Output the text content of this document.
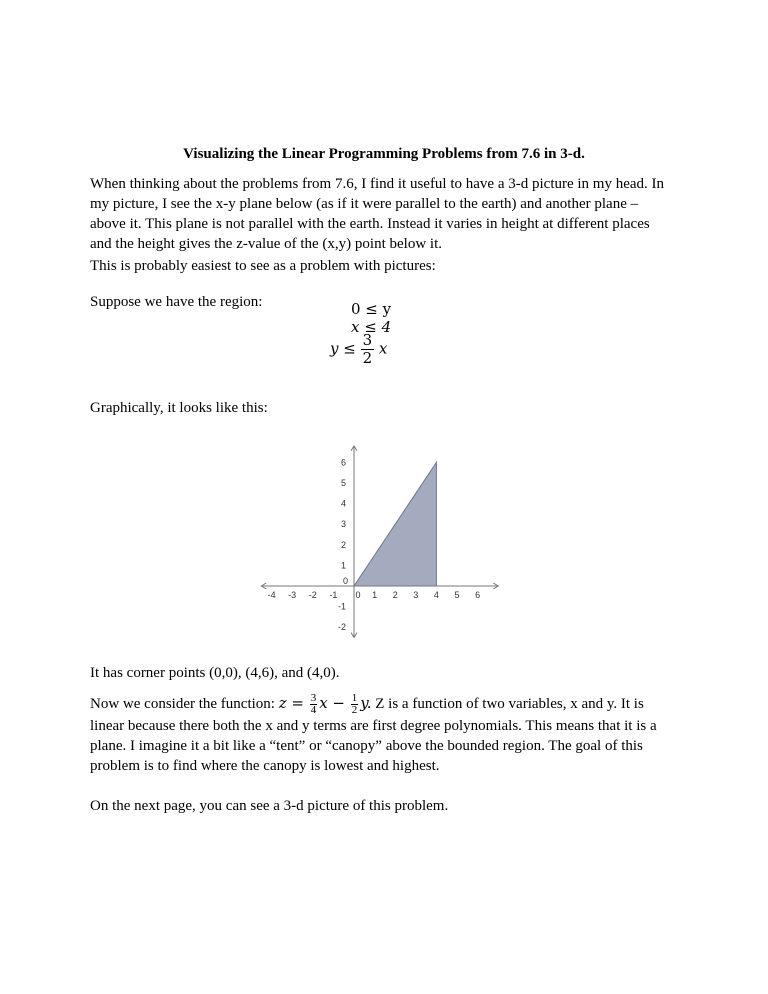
Visualizing the Linear Programming Problems from 7.6 in 3-d.

When thinking about the problems from 7.6, I find it useful to have a 3-d picture in my head. In
my picture, I see the x-y plane below (as if it were parallel to the earth) and another plane –
above it. This plane is not parallel with the earth. Instead it varies in height at different places
and the height gives the z-value of the (x,y) point below it.

This is probably easiest to see as a problem with pictures:

Suppose we have the region:	0 ≤ y
x ≤ 4
$y \le \frac{3}{2}$ x

Graphically, it looks like this:

-4 -3 -2 -1 0 1 2 3 4 5 6
-2
-1
0
1
2
3
4
5
6

It has corner points (0,0), (4,6), and (4,0).

Now we consider the function: $z = \frac{3}{4}$ $x - \frac{1}{2} y$. Z is a function of two variables, x and y. It is
linear because there both the x and y terms are first degree polynomials. This means that it is a
plane. I imagine it a bit like a “tent” or “canopy” above the bounded region. The goal of this
problem is to find where the canopy is lowest and highest.

On the next page, you can see a 3-d picture of this problem.
